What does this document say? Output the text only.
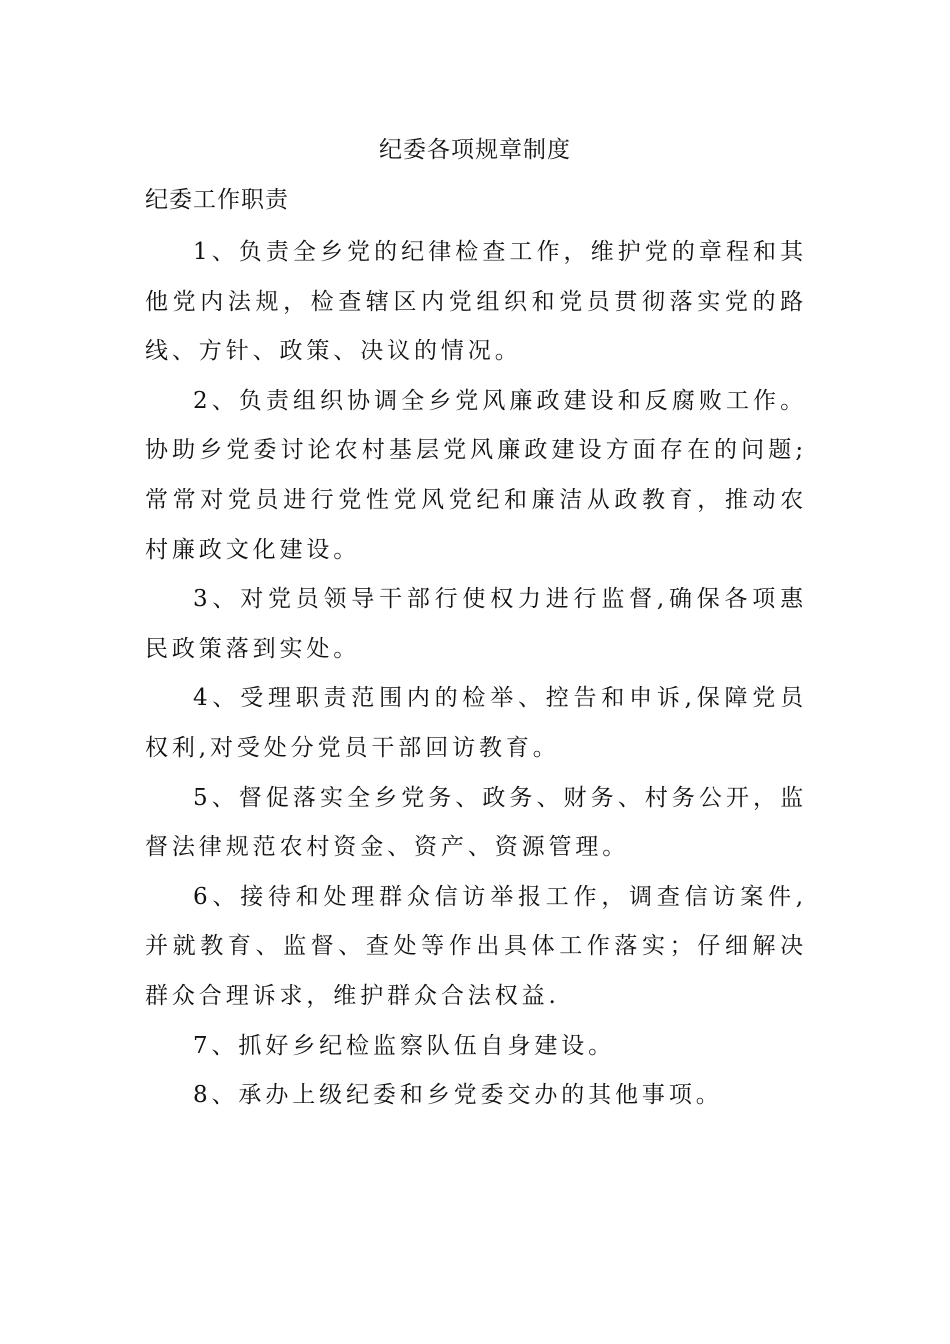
纪委各项规章制度
纪委工作职责
1、负责全乡党的纪律检查工作，维护党的章程和其他党内法规，检查辖区内党组织和党员贯彻落实党的路线、方针、政策、决议的情况。
2、负责组织协调全乡党风廉政建设和反腐败工作。协助乡党委讨论农村基层党风廉政建设方面存在的问题;常常对党员进行党性党风党纪和廉洁从政教育，推动农村廉政文化建设。
3、对党员领导干部行使权力进行监督,确保各项惠民政策落到实处。
4、受理职责范围内的检举、控告和申诉,保障党员权利,对受处分党员干部回访教育。
5、督促落实全乡党务、政务、财务、村务公开，监督法律规范农村资金、资产、资源管理。
6、接待和处理群众信访举报工作，调查信访案件,并就教育、监督、查处等作出具体工作落实；仔细解决群众合理诉求，维护群众合法权益.
7、抓好乡纪检监察队伍自身建设。
8、承办上级纪委和乡党委交办的其他事项。
